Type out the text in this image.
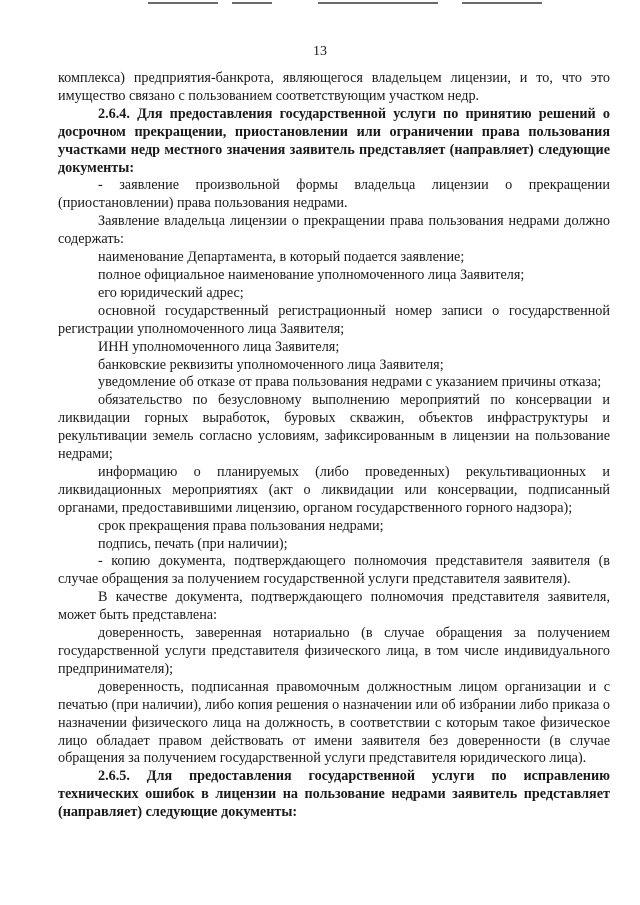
13

комплекса) предприятия-банкрота, являющегося владельцем лицензии, и то, что это имущество связано с пользованием соответствующим участком недр.

2.6.4. Для предоставления государственной услуги по принятию решений о досрочном прекращении, приостановлении или ограничении права пользования участками недр местного значения заявитель представляет (направляет) следующие документы:

- заявление произвольной формы владельца лицензии о прекращении (приостановлении) права пользования недрами.

Заявление владельца лицензии о прекращении права пользования недрами должно содержать:

наименование Департамента, в который подается заявление;

полное официальное наименование уполномоченного лица Заявителя;

его юридический адрес;

основной государственный регистрационный номер записи о государственной регистрации уполномоченного лица Заявителя;

ИНН уполномоченного лица Заявителя;

банковские реквизиты уполномоченного лица Заявителя;

уведомление об отказе от права пользования недрами с указанием причины отказа;

обязательство по безусловному выполнению мероприятий по консервации и ликвидации горных выработок, буровых скважин, объектов инфраструктуры и рекультивации земель согласно условиям, зафиксированным в лицензии на пользование недрами;

информацию о планируемых (либо проведенных) рекультивационных и ликвидационных мероприятиях (акт о ликвидации или консервации, подписанный органами, предоставившими лицензию, органом государственного горного надзора);

срок прекращения права пользования недрами;

подпись, печать (при наличии);

- копию документа, подтверждающего полномочия представителя заявителя (в случае обращения за получением государственной услуги представителя заявителя).

В качестве документа, подтверждающего полномочия представителя заявителя, может быть представлена:

доверенность, заверенная нотариально (в случае обращения за получением государственной услуги представителя физического лица, в том числе индивидуального предпринимателя);

доверенность, подписанная правомочным должностным лицом организации и с печатью (при наличии), либо копия решения о назначении или об избрании либо приказа о назначении физического лица на должность, в соответствии с которым такое физическое лицо обладает правом действовать от имени заявителя без доверенности (в случае обращения за получением государственной услуги представителя юридического лица).

2.6.5. Для предоставления государственной услуги по исправлению технических ошибок в лицензии на пользование недрами заявитель представляет (направляет) следующие документы:
